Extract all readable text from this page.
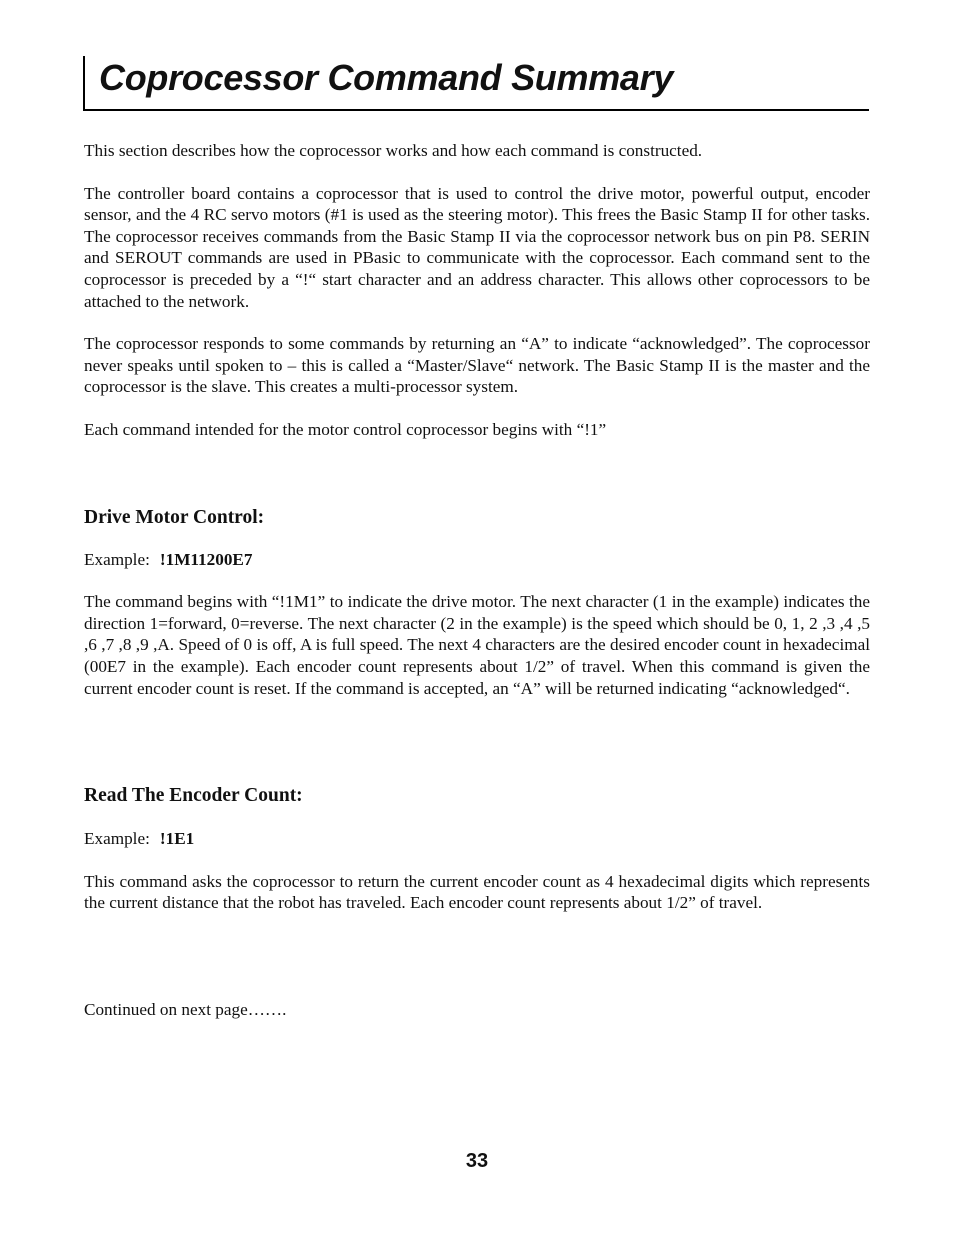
Coprocessor Command Summary

This section describes how the coprocessor works and how each command is constructed.

The controller board contains a coprocessor that is used to control the drive motor, powerful output, encoder sensor, and the 4 RC servo motors (#1 is used as the steering motor). This frees the Basic Stamp II for other tasks. The coprocessor receives commands from the Basic Stamp II via the coprocessor network bus on pin P8. SERIN and SEROUT commands are used in PBasic to communicate with the coprocessor. Each command sent to the coprocessor is preceded by a “!“ start character and an address character. This allows other coprocessors to be attached to the network.

The coprocessor responds to some commands by returning an “A” to indicate “acknowledged”. The coprocessor never speaks until spoken to – this is called a “Master/Slave“ network. The Basic Stamp II is the master and the coprocessor is the slave. This creates a multi-processor system.

Each command intended for the motor control coprocessor begins with “!1”

Drive Motor Control:
Example: !1M11200E7

The command begins with “!1M1” to indicate the drive motor. The next character (1 in the example) indicates the direction 1=forward, 0=reverse. The next character (2 in the example) is the speed which should be 0, 1, 2 ,3 ,4 ,5 ,6 ,7 ,8 ,9 ,A. Speed of 0 is off, A is full speed. The next 4 characters are the desired encoder count in hexadecimal (00E7 in the example). Each encoder count represents about 1/2” of travel. When this command is given the current encoder count is reset. If the command is accepted, an “A” will be returned indicating “acknowledged“.

Read The Encoder Count:
Example: !1E1

This command asks the coprocessor to return the current encoder count as 4 hexadecimal digits which represents the current distance that the robot has traveled. Each encoder count represents about 1/2” of travel.

Continued on next page…….

33
